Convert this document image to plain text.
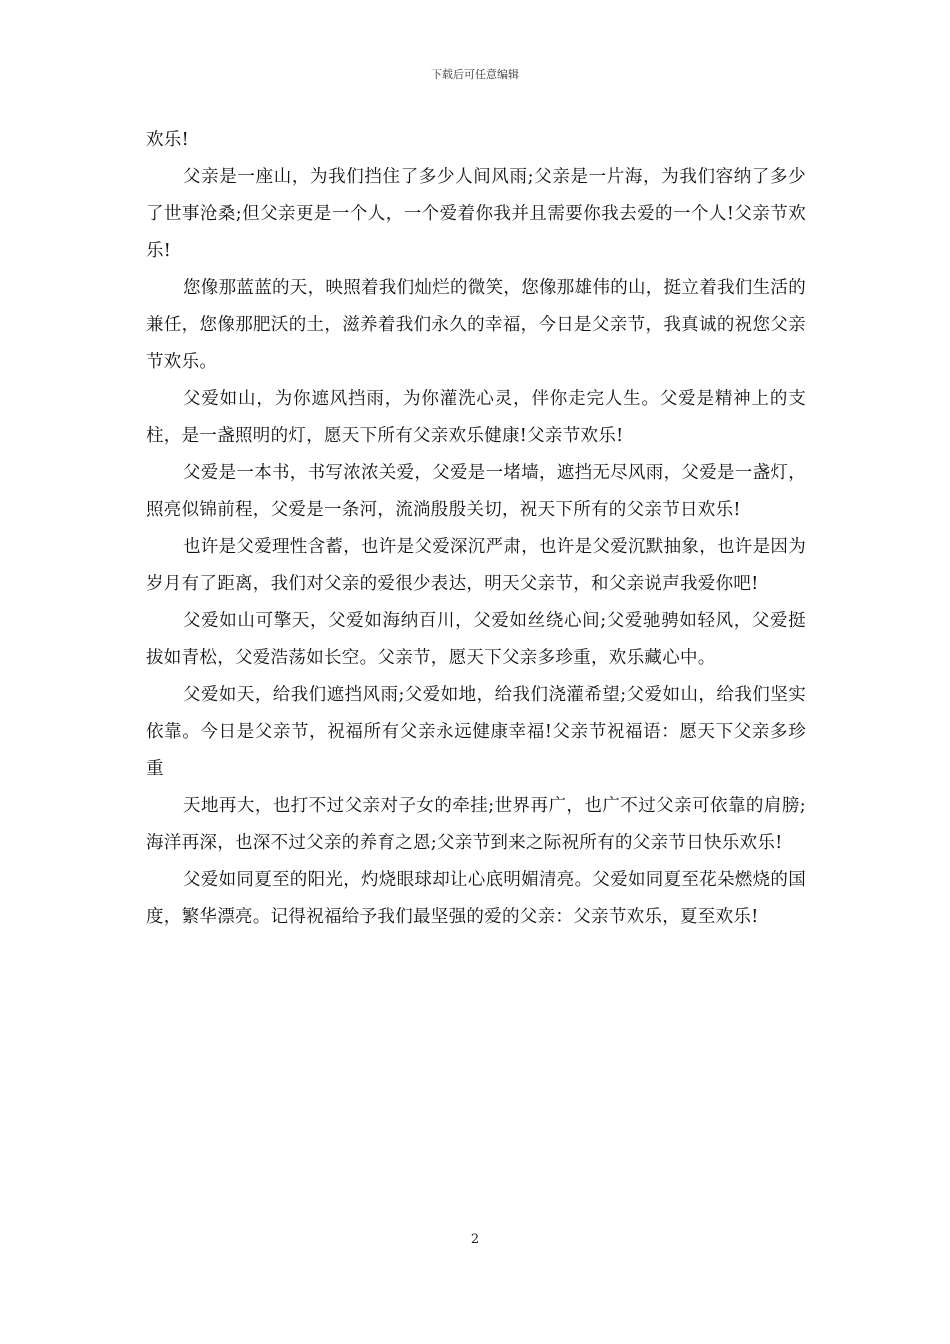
下载后可任意编辑

欢乐!

父亲是一座山，为我们挡住了多少人间风雨;父亲是一片海，为我们容纳了多少了世事沧桑;但父亲更是一个人，一个爱着你我并且需要你我去爱的一个人!父亲节欢乐!

您像那蓝蓝的天，映照着我们灿烂的微笑，您像那雄伟的山，挺立着我们生活的兼任，您像那肥沃的土，滋养着我们永久的幸福，今日是父亲节，我真诚的祝您父亲节欢乐。

父爱如山，为你遮风挡雨，为你灌洗心灵，伴你走完人生。父爱是精神上的支柱，是一盏照明的灯，愿天下所有父亲欢乐健康!父亲节欢乐!

父爱是一本书，书写浓浓关爱，父爱是一堵墙，遮挡无尽风雨，父爱是一盏灯，照亮似锦前程，父爱是一条河，流淌殷殷关切，祝天下所有的父亲节日欢乐!

也许是父爱理性含蓄，也许是父爱深沉严肃，也许是父爱沉默抽象，也许是因为岁月有了距离，我们对父亲的爱很少表达，明天父亲节，和父亲说声我爱你吧!

父爱如山可擎天，父爱如海纳百川，父爱如丝绕心间;父爱驰骋如轻风，父爱挺拔如青松，父爱浩荡如长空。父亲节，愿天下父亲多珍重，欢乐藏心中。

父爱如天，给我们遮挡风雨;父爱如地，给我们浇灌希望;父爱如山，给我们坚实依靠。今日是父亲节，祝福所有父亲永远健康幸福!父亲节祝福语：愿天下父亲多珍重

天地再大，也打不过父亲对子女的牵挂;世界再广，也广不过父亲可依靠的肩膀;海洋再深，也深不过父亲的养育之恩;父亲节到来之际祝所有的父亲节日快乐欢乐!

父爱如同夏至的阳光，灼烧眼球却让心底明媚清亮。父爱如同夏至花朵燃烧的国度，繁华漂亮。记得祝福给予我们最坚强的爱的父亲：父亲节欢乐，夏至欢乐!

2
